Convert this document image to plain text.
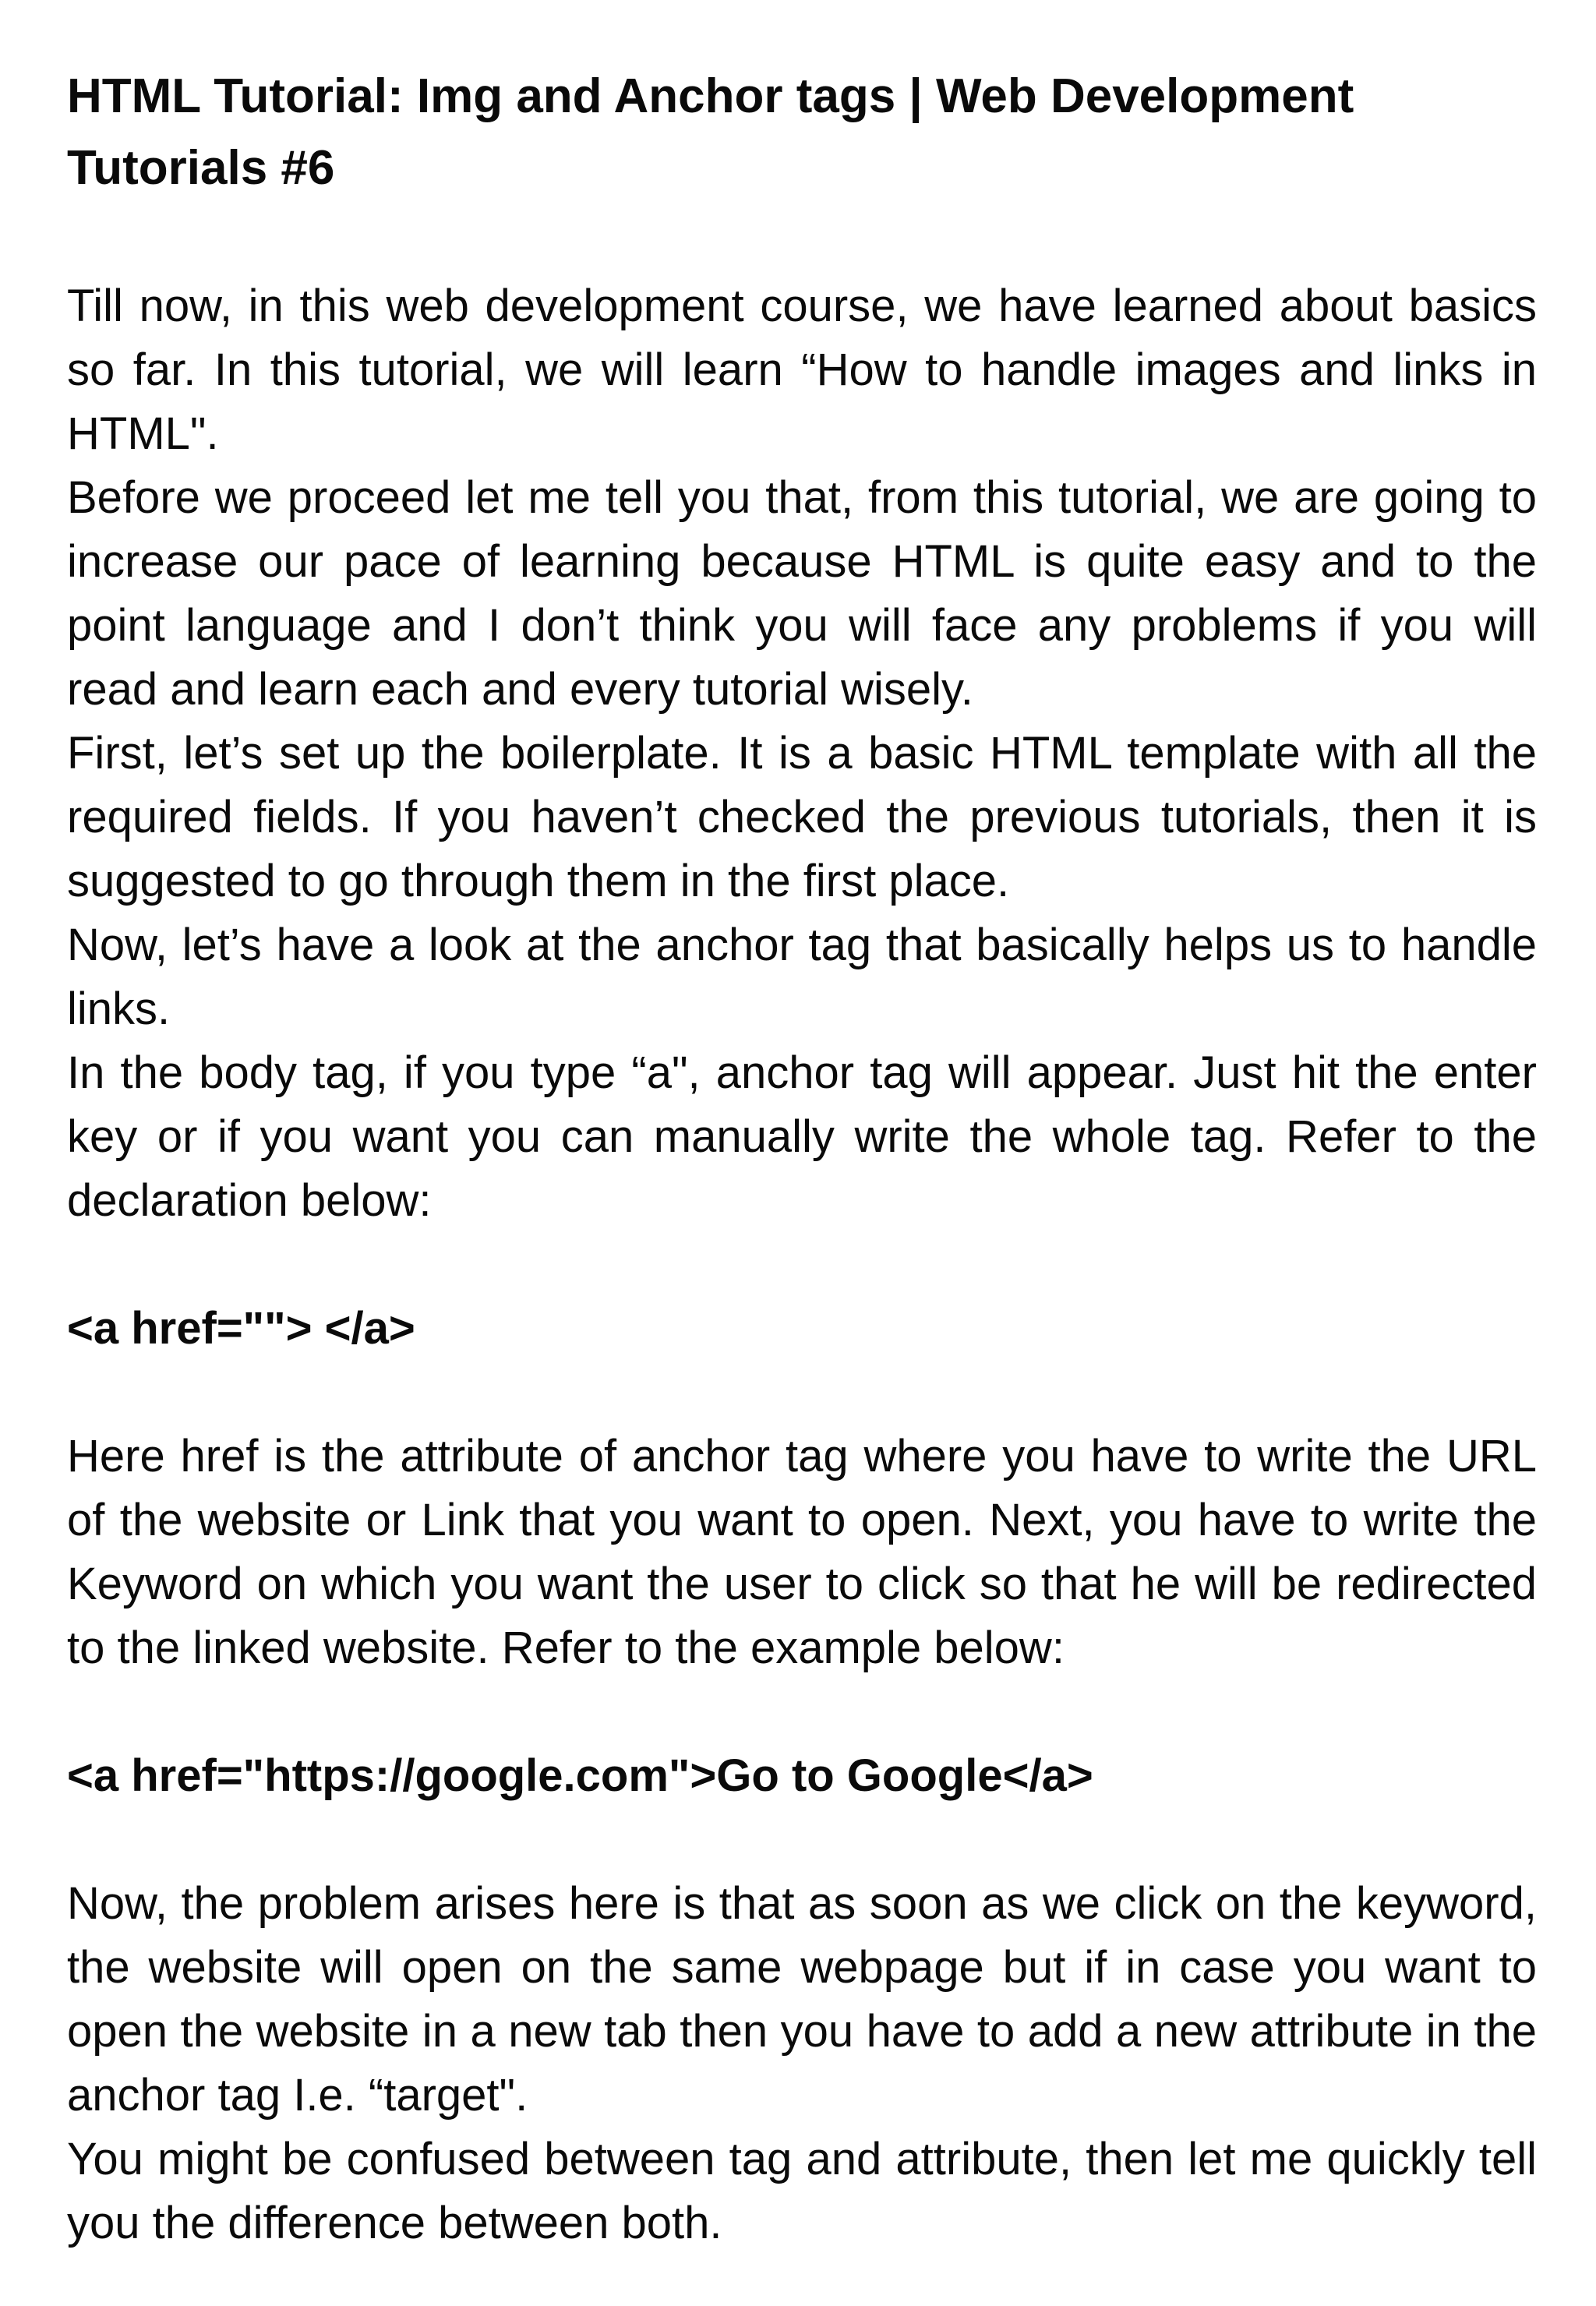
HTML Tutorial: Img and Anchor tags | Web Development Tutorials #6

Till now, in this web development course, we have learned about basics so far. In this tutorial, we will learn “How to handle images and links in HTML".

Before we proceed let me tell you that, from this tutorial, we are going to increase our pace of learning because HTML is quite easy and to the point language and I don’t think you will face any problems if you will read and learn each and every tutorial wisely.

First, let’s set up the boilerplate. It is a basic HTML template with all the required fields. If you haven’t checked the previous tutorials, then it is suggested to go through them in the first place.

Now, let’s have a look at the anchor tag that basically helps us to handle links.

In the body tag, if you type “a", anchor tag will appear. Just hit the enter key or if you want you can manually write the whole tag. Refer to the declaration below:

<a href=""> </a>

Here href is the attribute of anchor tag where you have to write the URL of the website or Link that you want to open. Next, you have to write the Keyword on which you want the user to click so that he will be redirected to the linked website. Refer to the example below:

<a href="https://google.com">Go to Google</a>

Now, the problem arises here is that as soon as we click on the keyword, the website will open on the same webpage but if in case you want to open the website in a new tab then you have to add a new attribute in the anchor tag I.e. “target".

You might be confused between tag and attribute, then let me quickly tell you the difference between both.
